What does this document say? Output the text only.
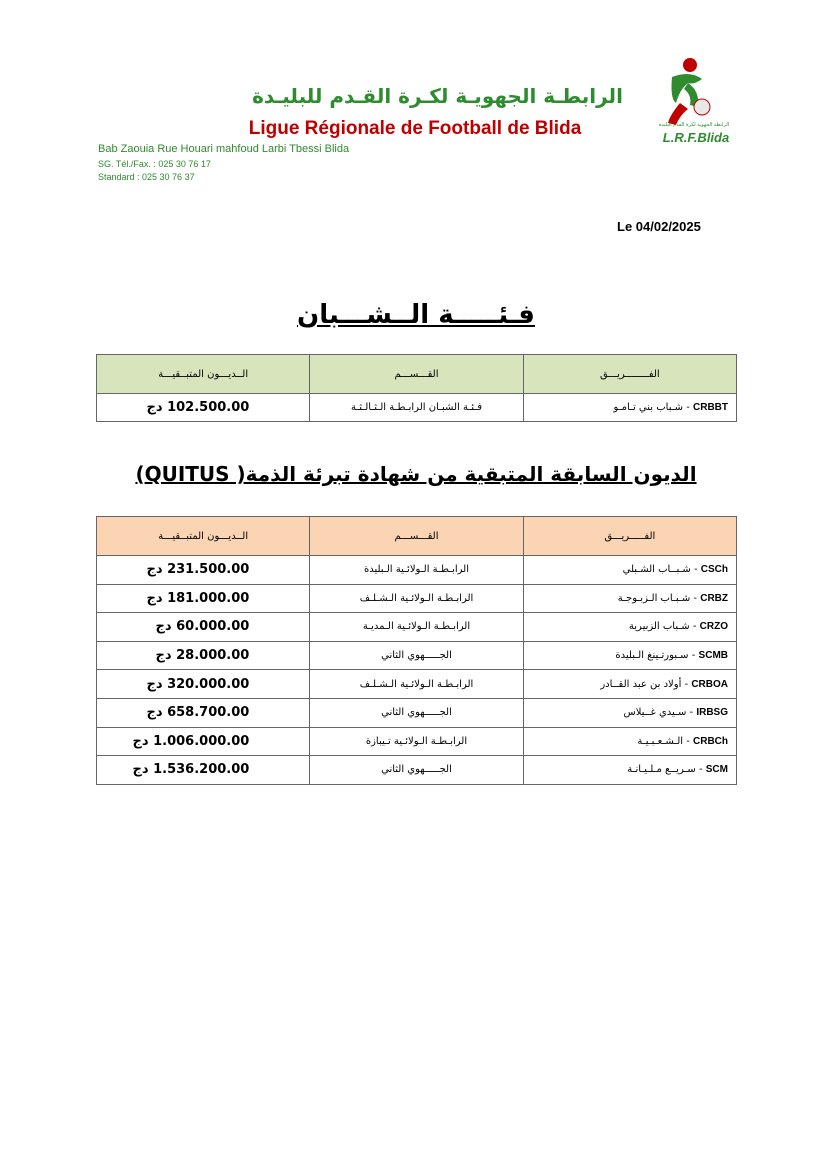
الرابطـة الجهويـة لكـرة القـدم للبليـدة
Ligue Régionale de Football de Blida
Bab Zaouia Rue Houari mahfoud Larbi Tbessi Blida
SG. Tél./Fax. : 025 30 76 17
Standard : 025 30 76 37
الرابطة الجهوية لكرة القدم البليدة
L.R.F.Blida
Le 04/02/2025
فـئـــــة الــشـــبان
الــديـــون المتبــقيـــة	القـــســـم	الفــــــــريـــق
102.500.00 دج	فـئـة الشبـان الرابـطـة الـثـالـثـة	شـباب بني تـامـو - CRBBT
الديون السابقة المتبقية من شهادة تبرئة الذمة( QUITUS)
الــديـــون المتبــقيـــة	القـــســـم	الفـــــريـــق
231.500.00 دج	الرابـطـة الـولائـية الـبليدة	شـبــاب الشـبلي - CSCh
181.000.00 دج	الرابـطـة الـولائـية الـشـلـف	شـبـاب الـزبـوجـة - CRBZ
60.000.00 دج	الرابـطـة الـولائـية الـمديـة	شـباب الزبيرية - CRZO
28.000.00 دج	الجـــــهوي الثاني	سـبورتـينغ الـبليدة - SCMB
320.000.00 دج	الرابـطـة الـولائـية الـشـلـف	أولاد بن عبد القــادر - CRBOA
658.700.00 دج	الجـــــهوي الثاني	سـيدي غــيلاس - IRBSG
1.006.000.00 دج	الرابـطـة الـولائـية تـيبازة	الـشـعـبـيـة - CRBCh
1.536.200.00 دج	الجـــــهوي الثاني	سـريــع مـلـيـانـة - SCM
